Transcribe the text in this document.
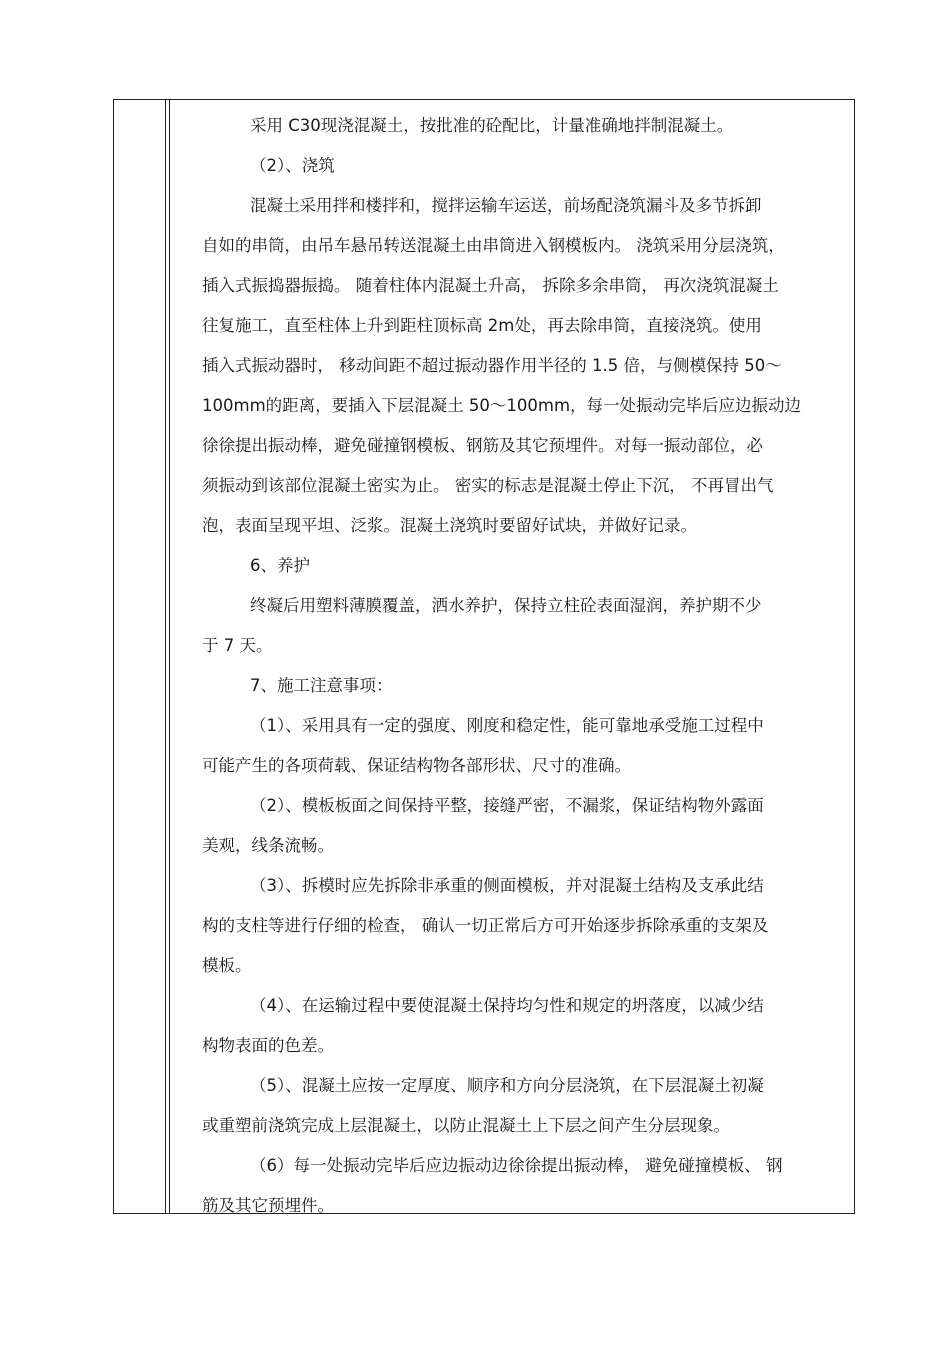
采用 C30现浇混凝土，按批准的砼配比，计量准确地拌制混凝土。
（2）、浇筑
混凝土采用拌和楼拌和，搅拌运输车运送，前场配浇筑漏斗及多节拆卸
自如的串筒，由吊车悬吊转送混凝土由串筒进入钢模板内。 浇筑采用分层浇筑，
插入式振捣器振捣。 随着柱体内混凝土升高， 拆除多余串筒， 再次浇筑混凝土
往复施工，直至柱体上升到距柱顶标高 2m处，再去除串筒，直接浇筑。使用
插入式振动器时， 移动间距不超过振动器作用半径的 1.5 倍，与侧模保持 50～
100mm的距离，要插入下层混凝土 50～100mm，每一处振动完毕后应边振动边
徐徐提出振动棒，避免碰撞钢模板、钢筋及其它预埋件。对每一振动部位，必
须振动到该部位混凝土密实为止。 密实的标志是混凝土停止下沉， 不再冒出气
泡，表面呈现平坦、泛浆。混凝土浇筑时要留好试块，并做好记录。
6、养护
终凝后用塑料薄膜覆盖，洒水养护，保持立柱砼表面湿润，养护期不少
于 7 天。
7、施工注意事项：
（1）、采用具有一定的强度、刚度和稳定性，能可靠地承受施工过程中
可能产生的各项荷载、保证结构物各部形状、尺寸的准确。
（2）、模板板面之间保持平整，接缝严密，不漏浆，保证结构物外露面
美观，线条流畅。
（3）、拆模时应先拆除非承重的侧面模板，并对混凝土结构及支承此结
构的支柱等进行仔细的检查， 确认一切正常后方可开始逐步拆除承重的支架及
模板。
（4）、在运输过程中要使混凝土保持均匀性和规定的坍落度，以减少结
构物表面的色差。
（5）、混凝土应按一定厚度、顺序和方向分层浇筑，在下层混凝土初凝
或重塑前浇筑完成上层混凝土，以防止混凝土上下层之间产生分层现象。
（6）每一处振动完毕后应边振动边徐徐提出振动棒， 避免碰撞模板、 钢
筋及其它预埋件。
